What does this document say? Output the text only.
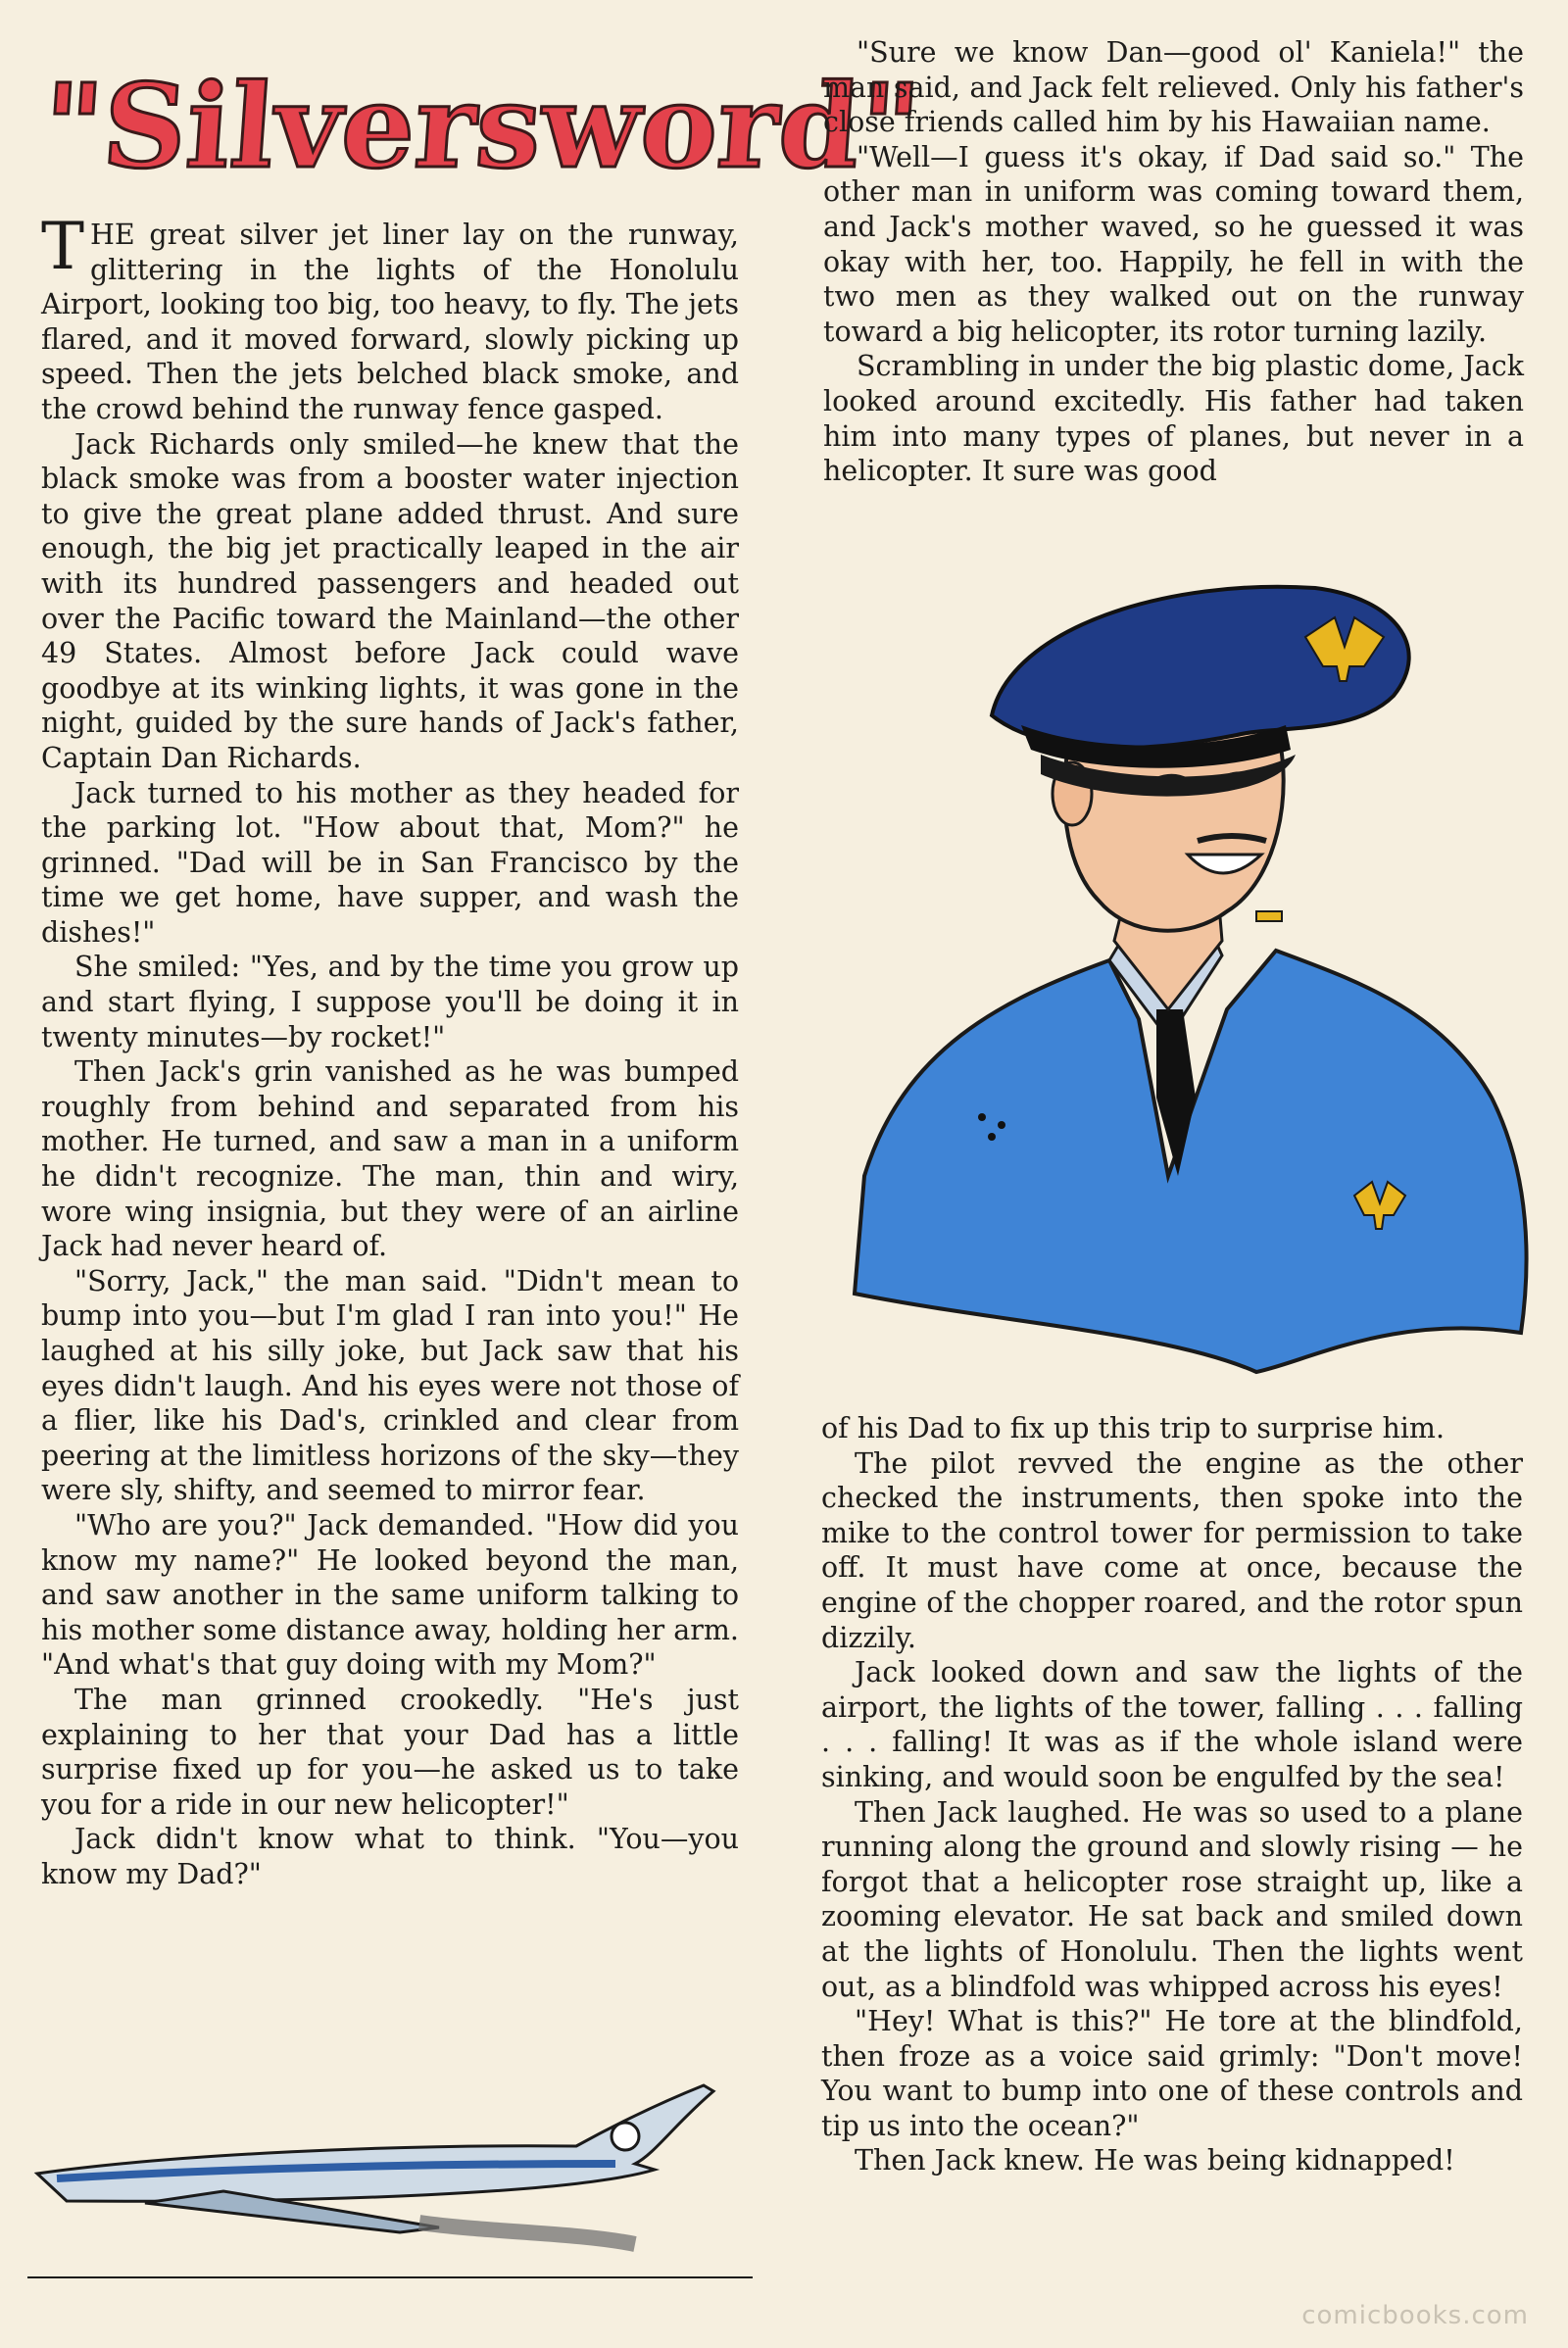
"Silversword"

THE great silver jet liner lay on the runway, glittering in the lights of the Honolulu Airport, looking too big, too heavy, to fly. The jets flared, and it moved forward, slowly picking up speed. Then the jets belched black smoke, and the crowd behind the runway fence gasped.

Jack Richards only smiled—he knew that the black smoke was from a booster water injection to give the great plane added thrust. And sure enough, the big jet practically leaped in the air with its hundred passengers and headed out over the Pacific toward the Mainland—the other 49 States. Almost before Jack could wave goodbye at its winking lights, it was gone in the night, guided by the sure hands of Jack's father, Captain Dan Richards.

Jack turned to his mother as they headed for the parking lot. "How about that, Mom?" he grinned. "Dad will be in San Francisco by the time we get home, have supper, and wash the dishes!"

She smiled: "Yes, and by the time you grow up and start flying, I suppose you'll be doing it in twenty minutes—by rocket!"

Then Jack's grin vanished as he was bumped roughly from behind and separated from his mother. He turned, and saw a man in a uniform he didn't recognize. The man, thin and wiry, wore wing insignia, but they were of an airline Jack had never heard of.

"Sorry, Jack," the man said. "Didn't mean to bump into you—but I'm glad I ran into you!" He laughed at his silly joke, but Jack saw that his eyes didn't laugh. And his eyes were not those of a flier, like his Dad's, crinkled and clear from peering at the limitless horizons of the sky—they were sly, shifty, and seemed to mirror fear.

"Who are you?" Jack demanded. "How did you know my name?" He looked beyond the man, and saw another in the same uniform talking to his mother some distance away, holding her arm. "And what's that guy doing with my Mom?"

The man grinned crookedly. "He's just explaining to her that your Dad has a little surprise fixed up for you—he asked us to take you for a ride in our new helicopter!"

Jack didn't know what to think. "You—you know my Dad?"

"Sure we know Dan—good ol' Kaniela!" the man said, and Jack felt relieved. Only his father's close friends called him by his Hawaiian name.

"Well—I guess it's okay, if Dad said so." The other man in uniform was coming toward them, and Jack's mother waved, so he guessed it was okay with her, too. Happily, he fell in with the two men as they walked out on the runway toward a big helicopter, its rotor turning lazily.

Scrambling in under the big plastic dome, Jack looked around excitedly. His father had taken him into many types of planes, but never in a helicopter. It sure was good

of his Dad to fix up this trip to surprise him.

The pilot revved the engine as the other checked the instruments, then spoke into the mike to the control tower for permission to take off. It must have come at once, because the engine of the chopper roared, and the rotor spun dizzily.

Jack looked down and saw the lights of the airport, the lights of the tower, falling . . . falling . . . falling! It was as if the whole island were sinking, and would soon be engulfed by the sea!

Then Jack laughed. He was so used to a plane running along the ground and slowly rising — he forgot that a helicopter rose straight up, like a zooming elevator. He sat back and smiled down at the lights of Honolulu. Then the lights went out, as a blindfold was whipped across his eyes!

"Hey! What is this?" He tore at the blindfold, then froze as a voice said grimly: "Don't move! You want to bump into one of these controls and tip us into the ocean?"

Then Jack knew. He was being kidnapped!

comicbooks.com
